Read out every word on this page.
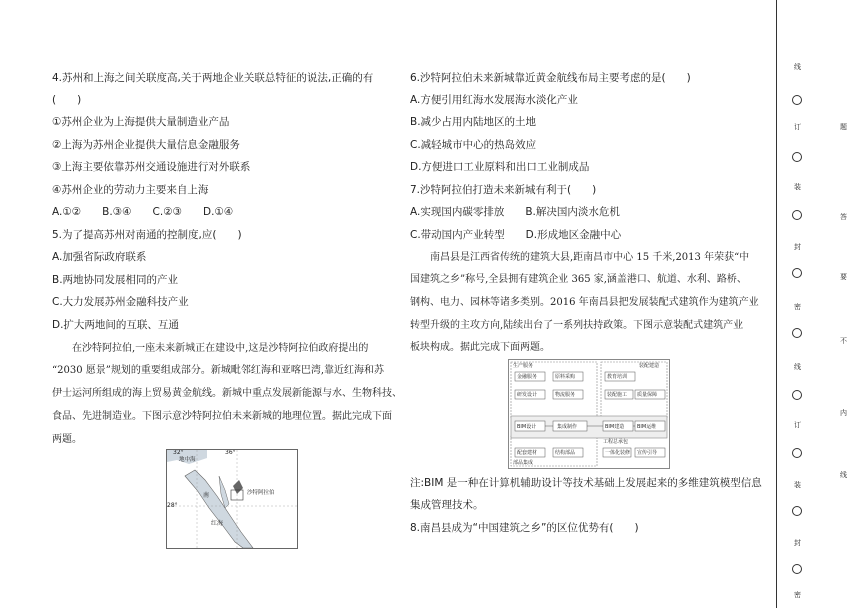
4.苏州和上海之间关联度高,关于两地企业关联总特征的说法,正确的有
(　　)
①苏州企业为上海提供大量制造业产品
②上海为苏州企业提供大量信息金融服务
③上海主要依靠苏州交通设施进行对外联系
④苏州企业的劳动力主要来自上海
A.①②　　B.③④　　C.②③　　D.①④
5.为了提高苏州对南通的控制度,应(　　)
A.加强省际政府联系
B.两地协同发展相同的产业
C.大力发展苏州金融科技产业
D.扩大两地间的互联、互通
在沙特阿拉伯,一座未来新城正在建设中,这是沙特阿拉伯政府提出的
“2030 愿景”规划的重要组成部分。新城毗邻红海和亚喀巴湾,靠近红海和苏
伊士运河所组成的海上贸易黄金航线。新城中重点发展新能源与水、生物科技、
食品、先进制造业。下图示意沙特阿拉伯未来新城的地理位置。据此完成下面
两题。
32°	36°
28°
地中海
南	沙特阿拉伯
红海
6.沙特阿拉伯未来新城靠近黄金航线布局主要考虑的是(　　)
A.方便引用红海水发展海水淡化产业
B.减少占用内陆地区的土地
C.减轻城市中心的热岛效应
D.方便进口工业原料和出口工业制成品
7.沙特阿拉伯打造未来新城有利于(　　)
A.实现国内碳零排放　　B.解决国内淡水危机
C.带动国内产业转型　　D.形成地区金融中心
南昌县是江西省传统的建筑大县,距南昌市中心 15 千米,2013 年荣获“中
国建筑之乡”称号,全县拥有建筑企业 365 家,涵盖港口、航道、水利、路桥、
钢构、电力、园林等诸多类别。2016 年南昌县把发展装配式建筑作为建筑产业
转型升级的主攻方向,陆续出台了一系列扶持政策。下图示意装配式建筑产业
板块构成。据此完成下面两题。
生产服务	装配建造
部品集成
金融服务	原料采购
研发设计	物流服务
教育培训
装配施工 质量保障
BIM设计	集成制作	BIM建造	BIM运维
工程总承包
配套建材	结构部品	一体化装修 宣传引导
注:BIM 是一种在计算机辅助设计等技术基础上发展起来的多维建筑模型信息
集成管理技术。
8.南昌县成为“中国建筑之乡”的区位优势有(　　)
线
订
装
封
密
线
订
装
封
密
题
答
要
不
内
线
